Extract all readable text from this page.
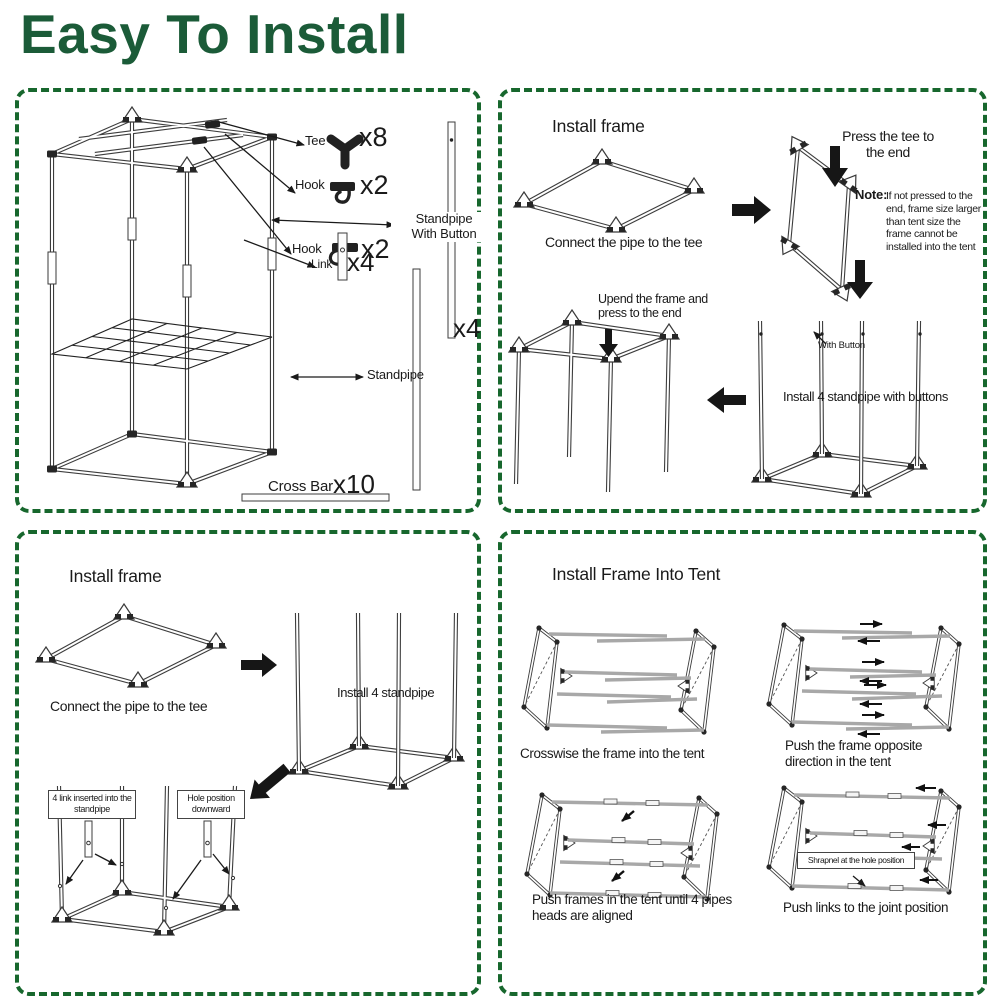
Easy To Install
Tee x8
Hook x2
Hook x2
Standpipe
With Button
Link x4
x4
Standpipe
Cross Bar x10
Install frame
Connect the pipe to the tee
Press the tee to the end
Note:
If not pressed to the end, frame size larger than tent size the frame cannot be installed into the tent
With Button
Install 4 standpipe with buttons
Upend the frame and press to the end
Install frame
Connect the pipe to the tee
Install 4 standpipe
4 link inserted into the standpipe
Hole position downward
Install Frame Into Tent
Crosswise the frame into the tent
Push the frame opposite direction in the tent
Push frames in the tent until 4 pipes heads are aligned
Shrapnel at the hole position
Push links to the joint position
